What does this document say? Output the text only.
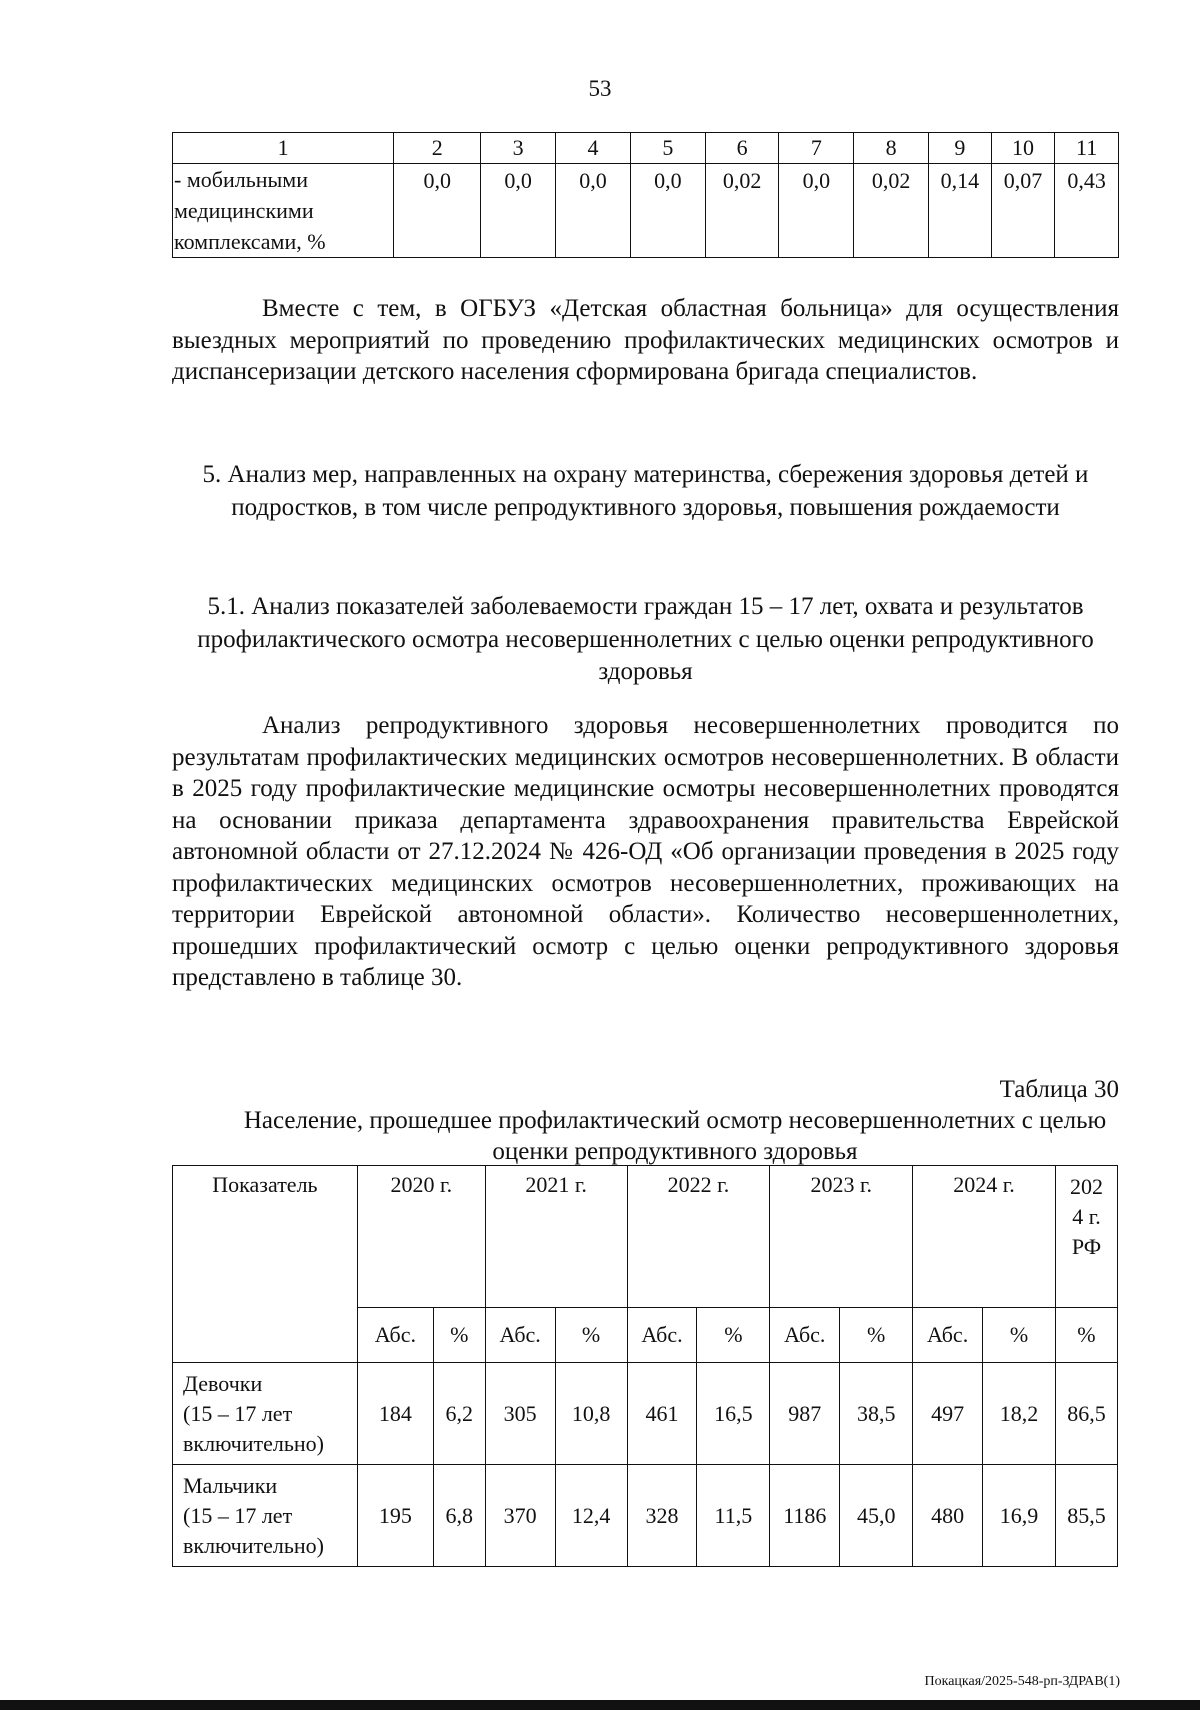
53
1	2	3	4	5	6	7	8	9	10	11
- мобильными
медицинскими
комплексами, %	0,0	0,0	0,0	0,0	0,02	0,0	0,02	0,14	0,07	0,43

Вместе с тем, в ОГБУЗ «Детская областная больница» для осуществления выездных мероприятий по проведению профилактических медицинских осмотров и диспансеризации детского населения сформирована бригада специалистов.

5. Анализ мер, направленных на охрану материнства, сбережения здоровья детей и подростков, в том числе репродуктивного здоровья, повышения рождаемости

5.1. Анализ показателей заболеваемости граждан 15 – 17 лет, охвата и результатов профилактического осмотра несовершеннолетних с целью оценки репродуктивного здоровья

Анализ репродуктивного здоровья несовершеннолетних проводится по результатам профилактических медицинских осмотров несовершеннолетних. В области в 2025 году профилактические медицинские осмотры несовершеннолетних проводятся на основании приказа департамента здравоохранения правительства Еврейской автономной области от 27.12.2024 № 426-ОД «Об организации проведения в 2025 году профилактических медицинских осмотров несовершеннолетних, проживающих на территории Еврейской автономной области». Количество несовершеннолетних, прошедших профилактический осмотр с целью оценки репродуктивного здоровья представлено в таблице 30.

Таблица 30

Население, прошедшее профилактический осмотр несовершеннолетних с целью оценки репродуктивного здоровья

Показатель	2020 г.		2021 г.		2022 г.		2023 г.		2024 г.		202
4 г.
РФ
	Абс.	%	Абс.	%	Абс.	%	Абс.	%	Абс.	%	%
Девочки
(15 – 17 лет
включительно)	184	6,2	305	10,8	461	16,5	987	38,5	497	18,2	86,5
Мальчики
(15 – 17 лет
включительно)	195	6,8	370	12,4	328	11,5	1186	45,0	480	16,9	85,5
Покацкая/2025-548-рп-ЗДРАВ(1)
